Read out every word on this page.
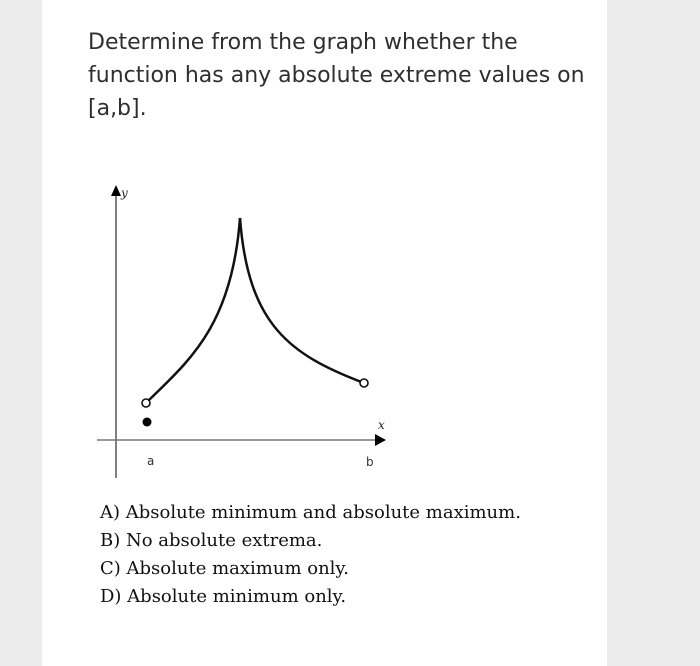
Determine from the graph whether the function has any absolute extreme values on [a,b].

y
x
a	b
A) Absolute minimum and absolute maximum.
B) No absolute extrema.
C) Absolute maximum only.
D) Absolute minimum only.
